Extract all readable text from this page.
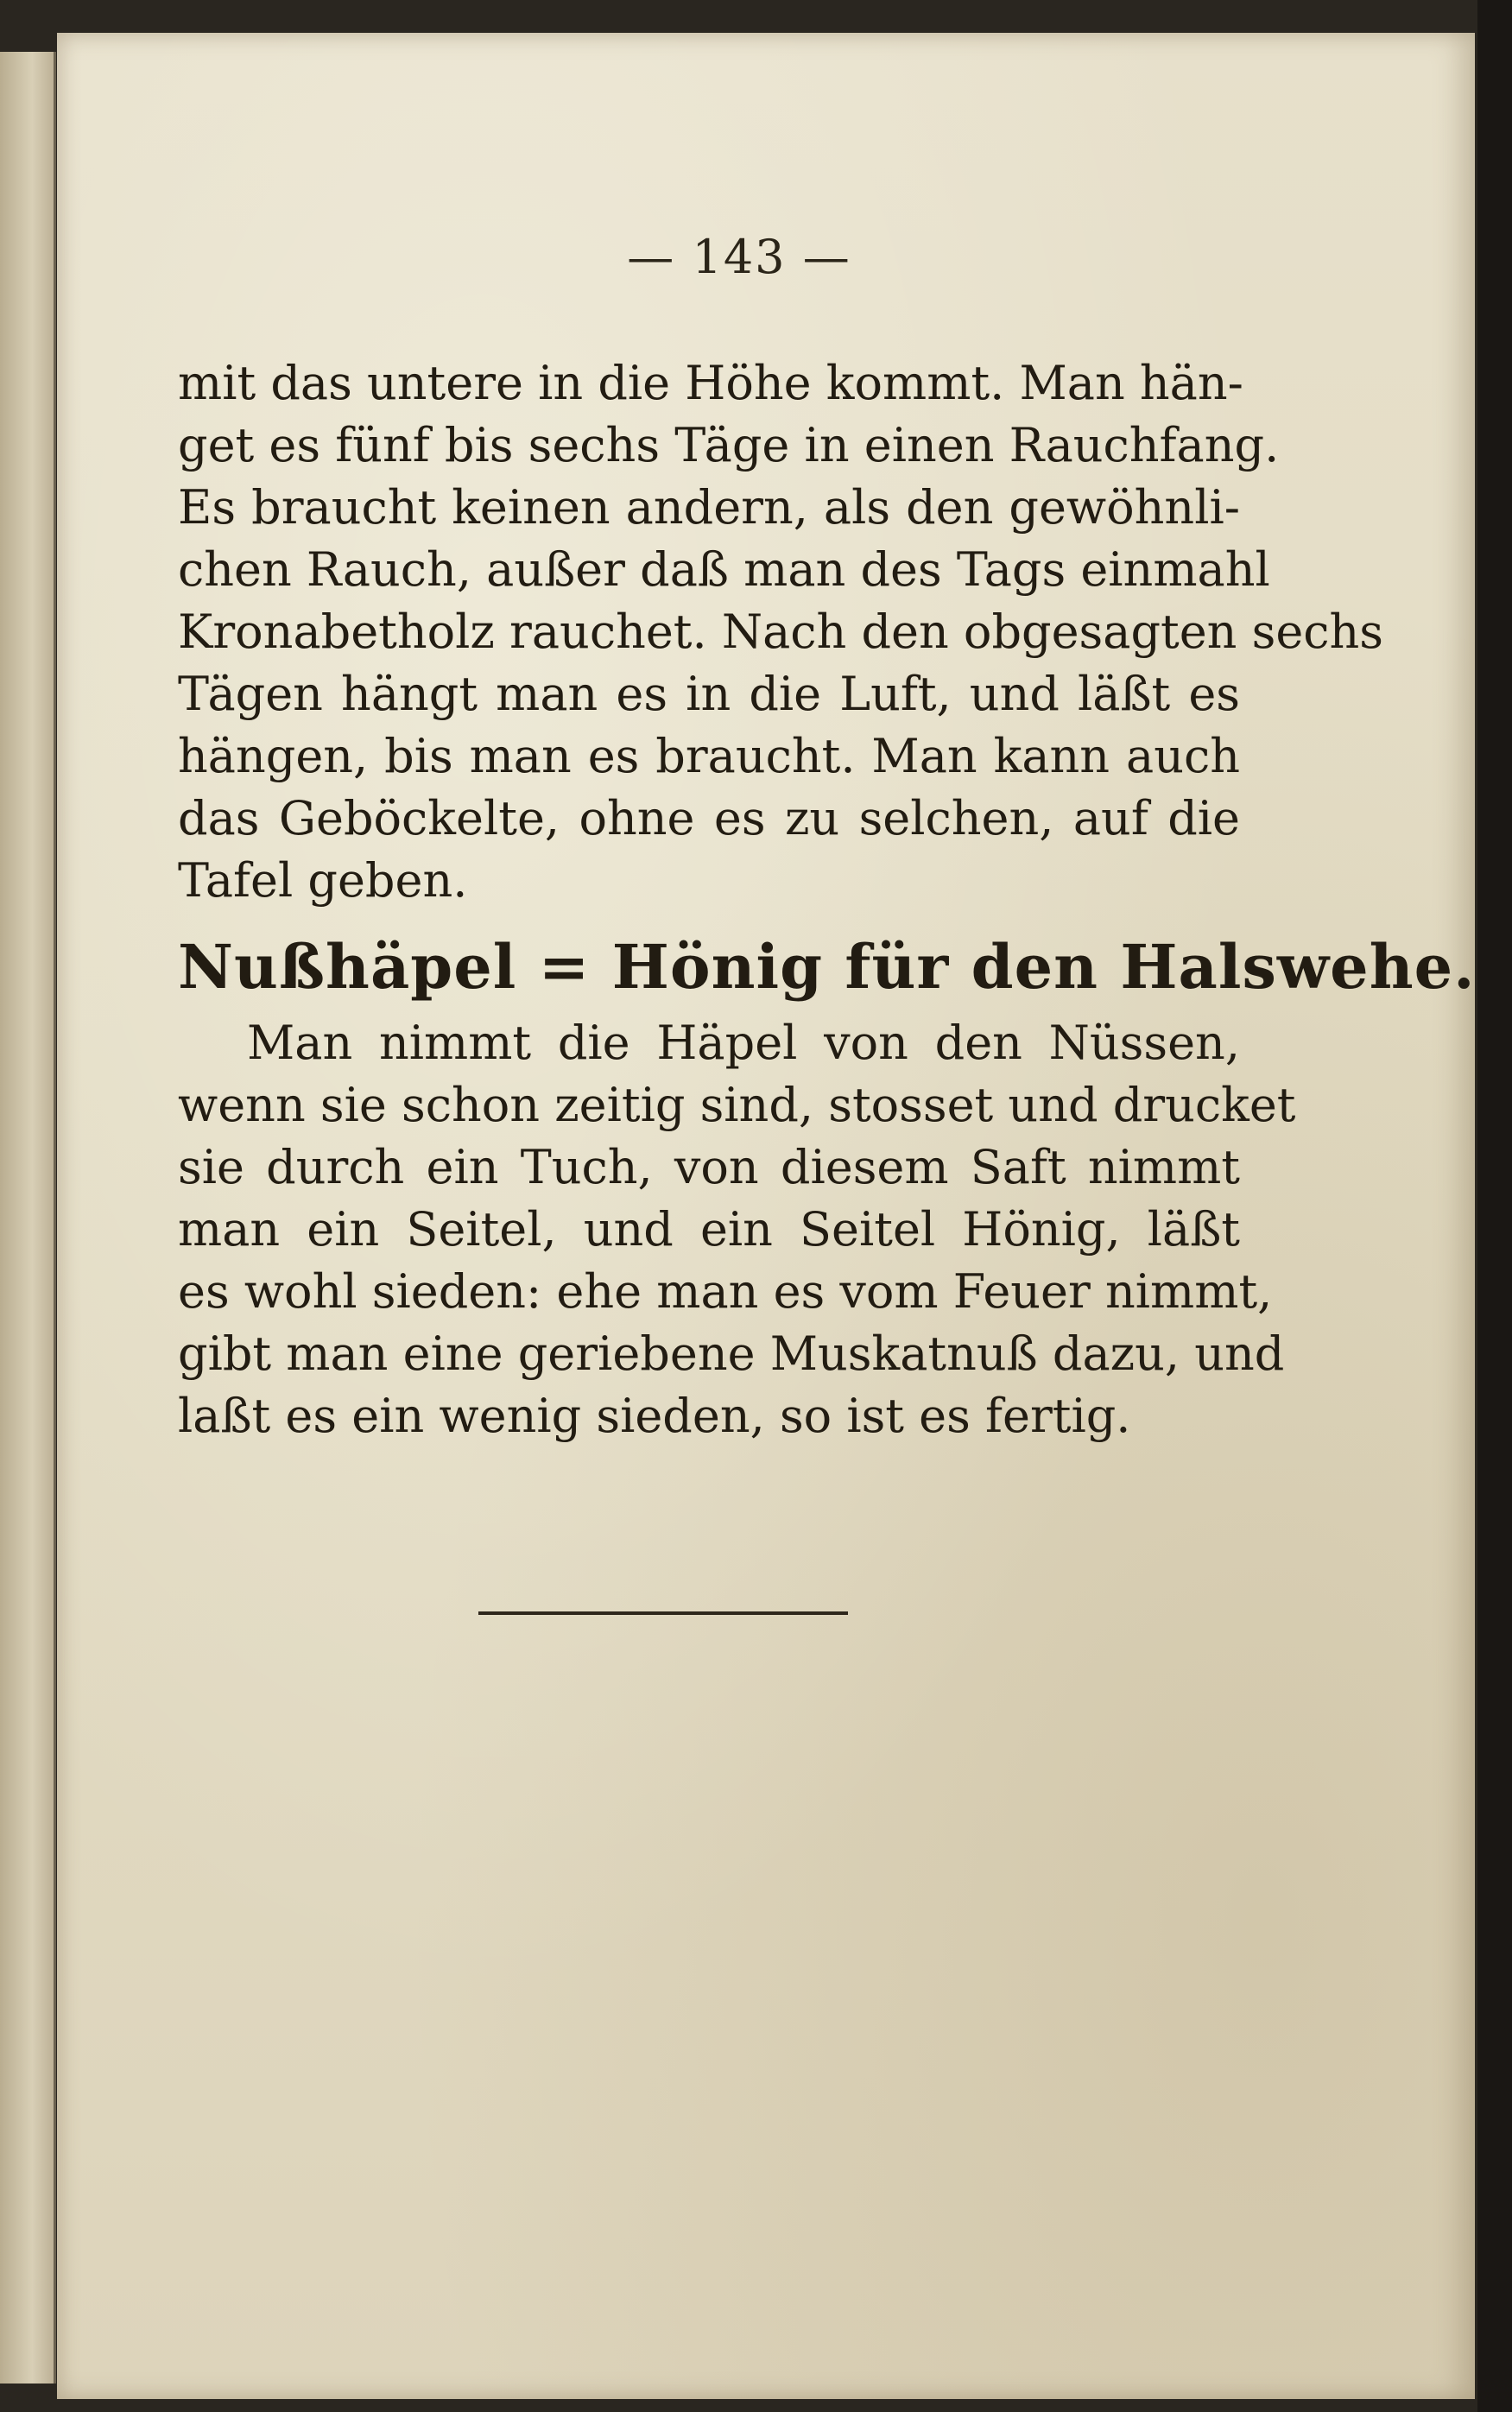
— 143 —
mit das untere in die Höhe kommt. Man hän-
get es fünf bis sechs Täge in einen Rauchfang.
Es braucht keinen andern, als den gewöhnli-
chen Rauch, außer daß man des Tags einmahl
Kronabetholz rauchet. Nach den obgesagten sechs
Tägen hängt man es in die Luft, und läßt es
hängen, bis man es braucht. Man kann auch
das Geböckelte, ohne es zu selchen, auf die
Tafel geben.
Nußhäpel = Hönig für den Halswehe.
Man nimmt die Häpel von den Nüssen,
wenn sie schon zeitig sind, stosset und drucket
sie durch ein Tuch, von diesem Saft nimmt
man ein Seitel, und ein Seitel Hönig, läßt
es wohl sieden: ehe man es vom Feuer nimmt,
gibt man eine geriebene Muskatnuß dazu, und
laßt es ein wenig sieden, so ist es fertig.
